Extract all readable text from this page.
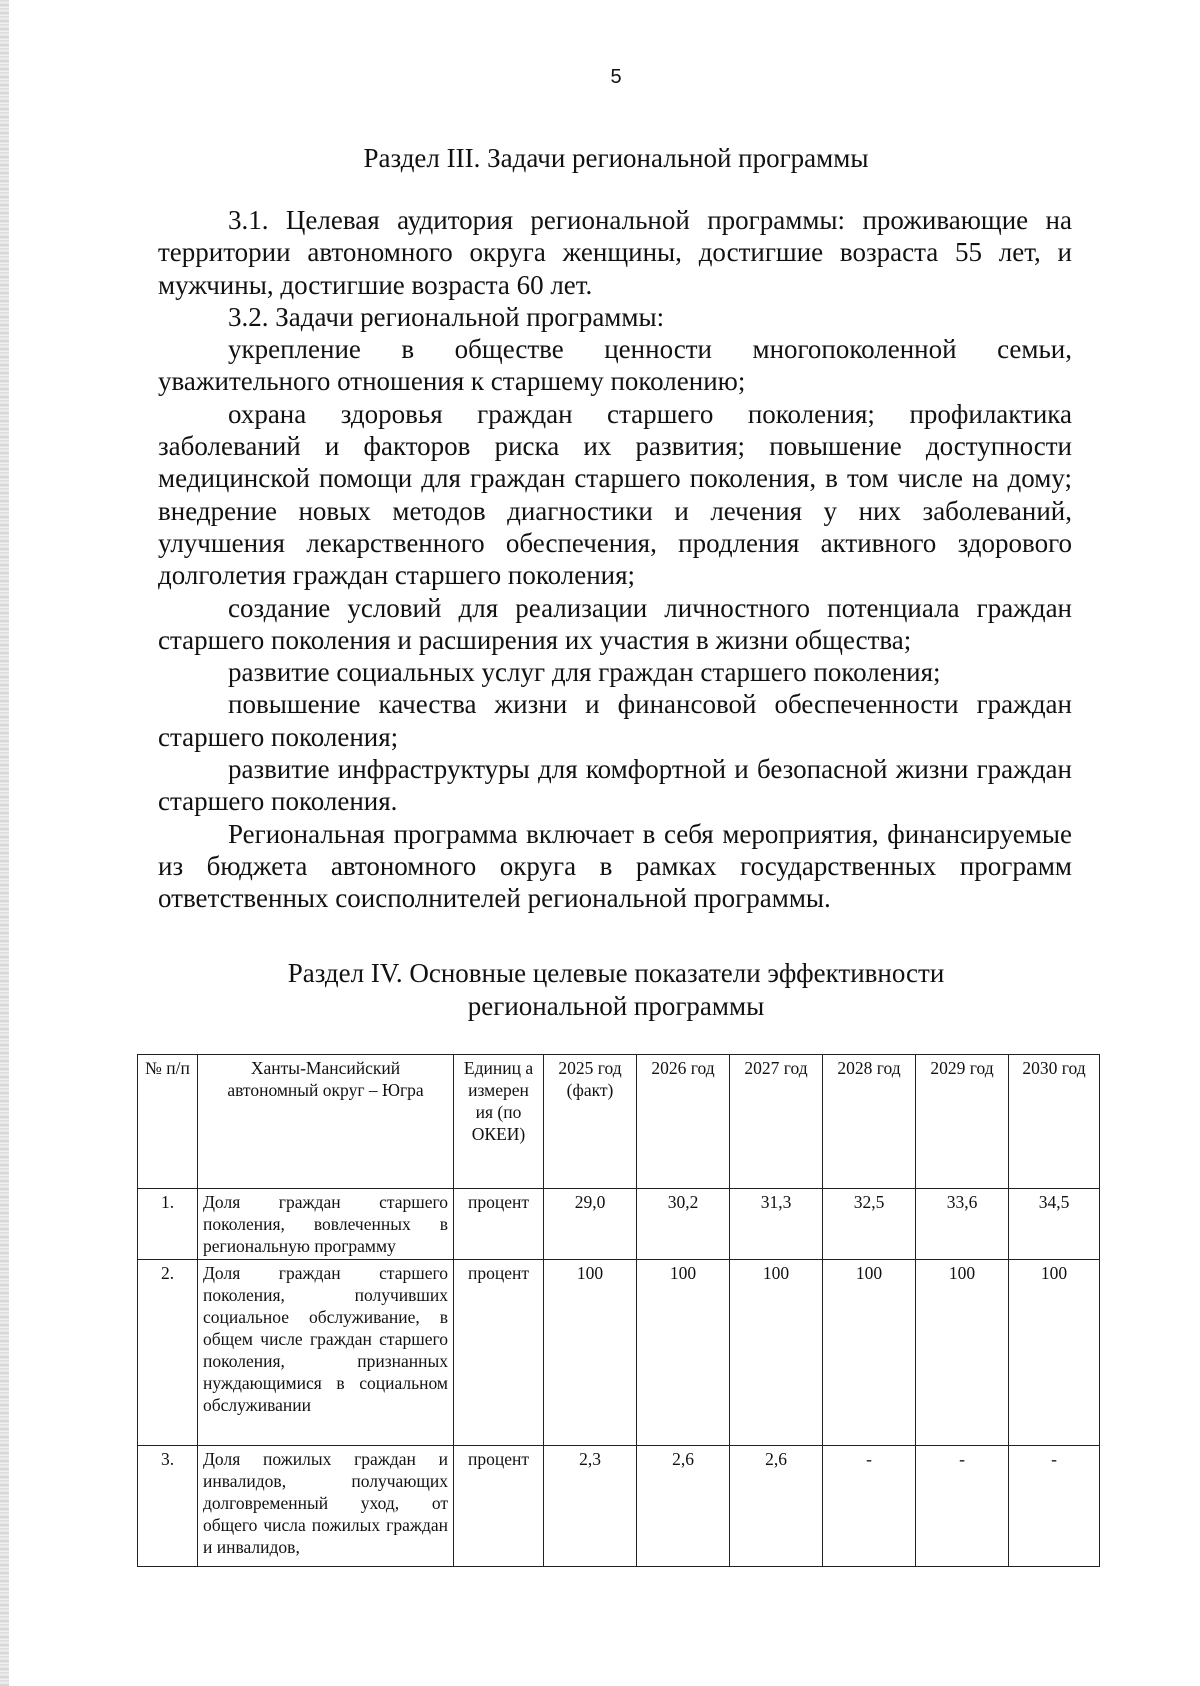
5
Раздел III. Задачи региональной программы

3.1. Целевая аудитория региональной программы: проживающие на территории автономного округа женщины, достигшие возраста 55 лет, и мужчины, достигшие возраста 60 лет.

3.2. Задачи региональной программы:

укрепление в обществе ценности многопоколенной семьи, уважительного отношения к старшему поколению;

охрана здоровья граждан старшего поколения; профилактика заболеваний и факторов риска их развития; повышение доступности медицинской помощи для граждан старшего поколения, в том числе на дому; внедрение новых методов диагностики и лечения у них заболеваний, улучшения лекарственного обеспечения, продления активного здорового долголетия граждан старшего поколения;

создание условий для реализации личностного потенциала граждан старшего поколения и расширения их участия в жизни общества;

развитие социальных услуг для граждан старшего поколения;

повышение качества жизни и финансовой обеспеченности граждан старшего поколения;

развитие инфраструктуры для комфортной и безопасной жизни граждан старшего поколения.

Региональная программа включает в себя мероприятия, финансируемые из бюджета автономного округа в рамках государственных программ ответственных соисполнителей региональной программы.

Раздел IV. Основные целевые показатели эффективности
региональной программы
№ п/п	Ханты-Мансийский автономный округ – Югра	Единиц а измерен ия (по ОКЕИ)	2025 год (факт)	2026 год	2027 год	2028 год	2029 год	2030 год
1.	Доля граждан старшего поколения, вовлеченных в региональную программу	процент	29,0	30,2	31,3	32,5	33,6	34,5
2.	Доля граждан старшего поколения, получивших социальное обслуживание, в общем числе граждан старшего поколения, признанных нуждающимися в социальном обслуживании	процент	100	100	100	100	100	100
3.	Доля пожилых граждан и инвалидов, получающих долговременный уход, от общего числа пожилых граждан и инвалидов,	процент	2,3	2,6	2,6	-	-	-
